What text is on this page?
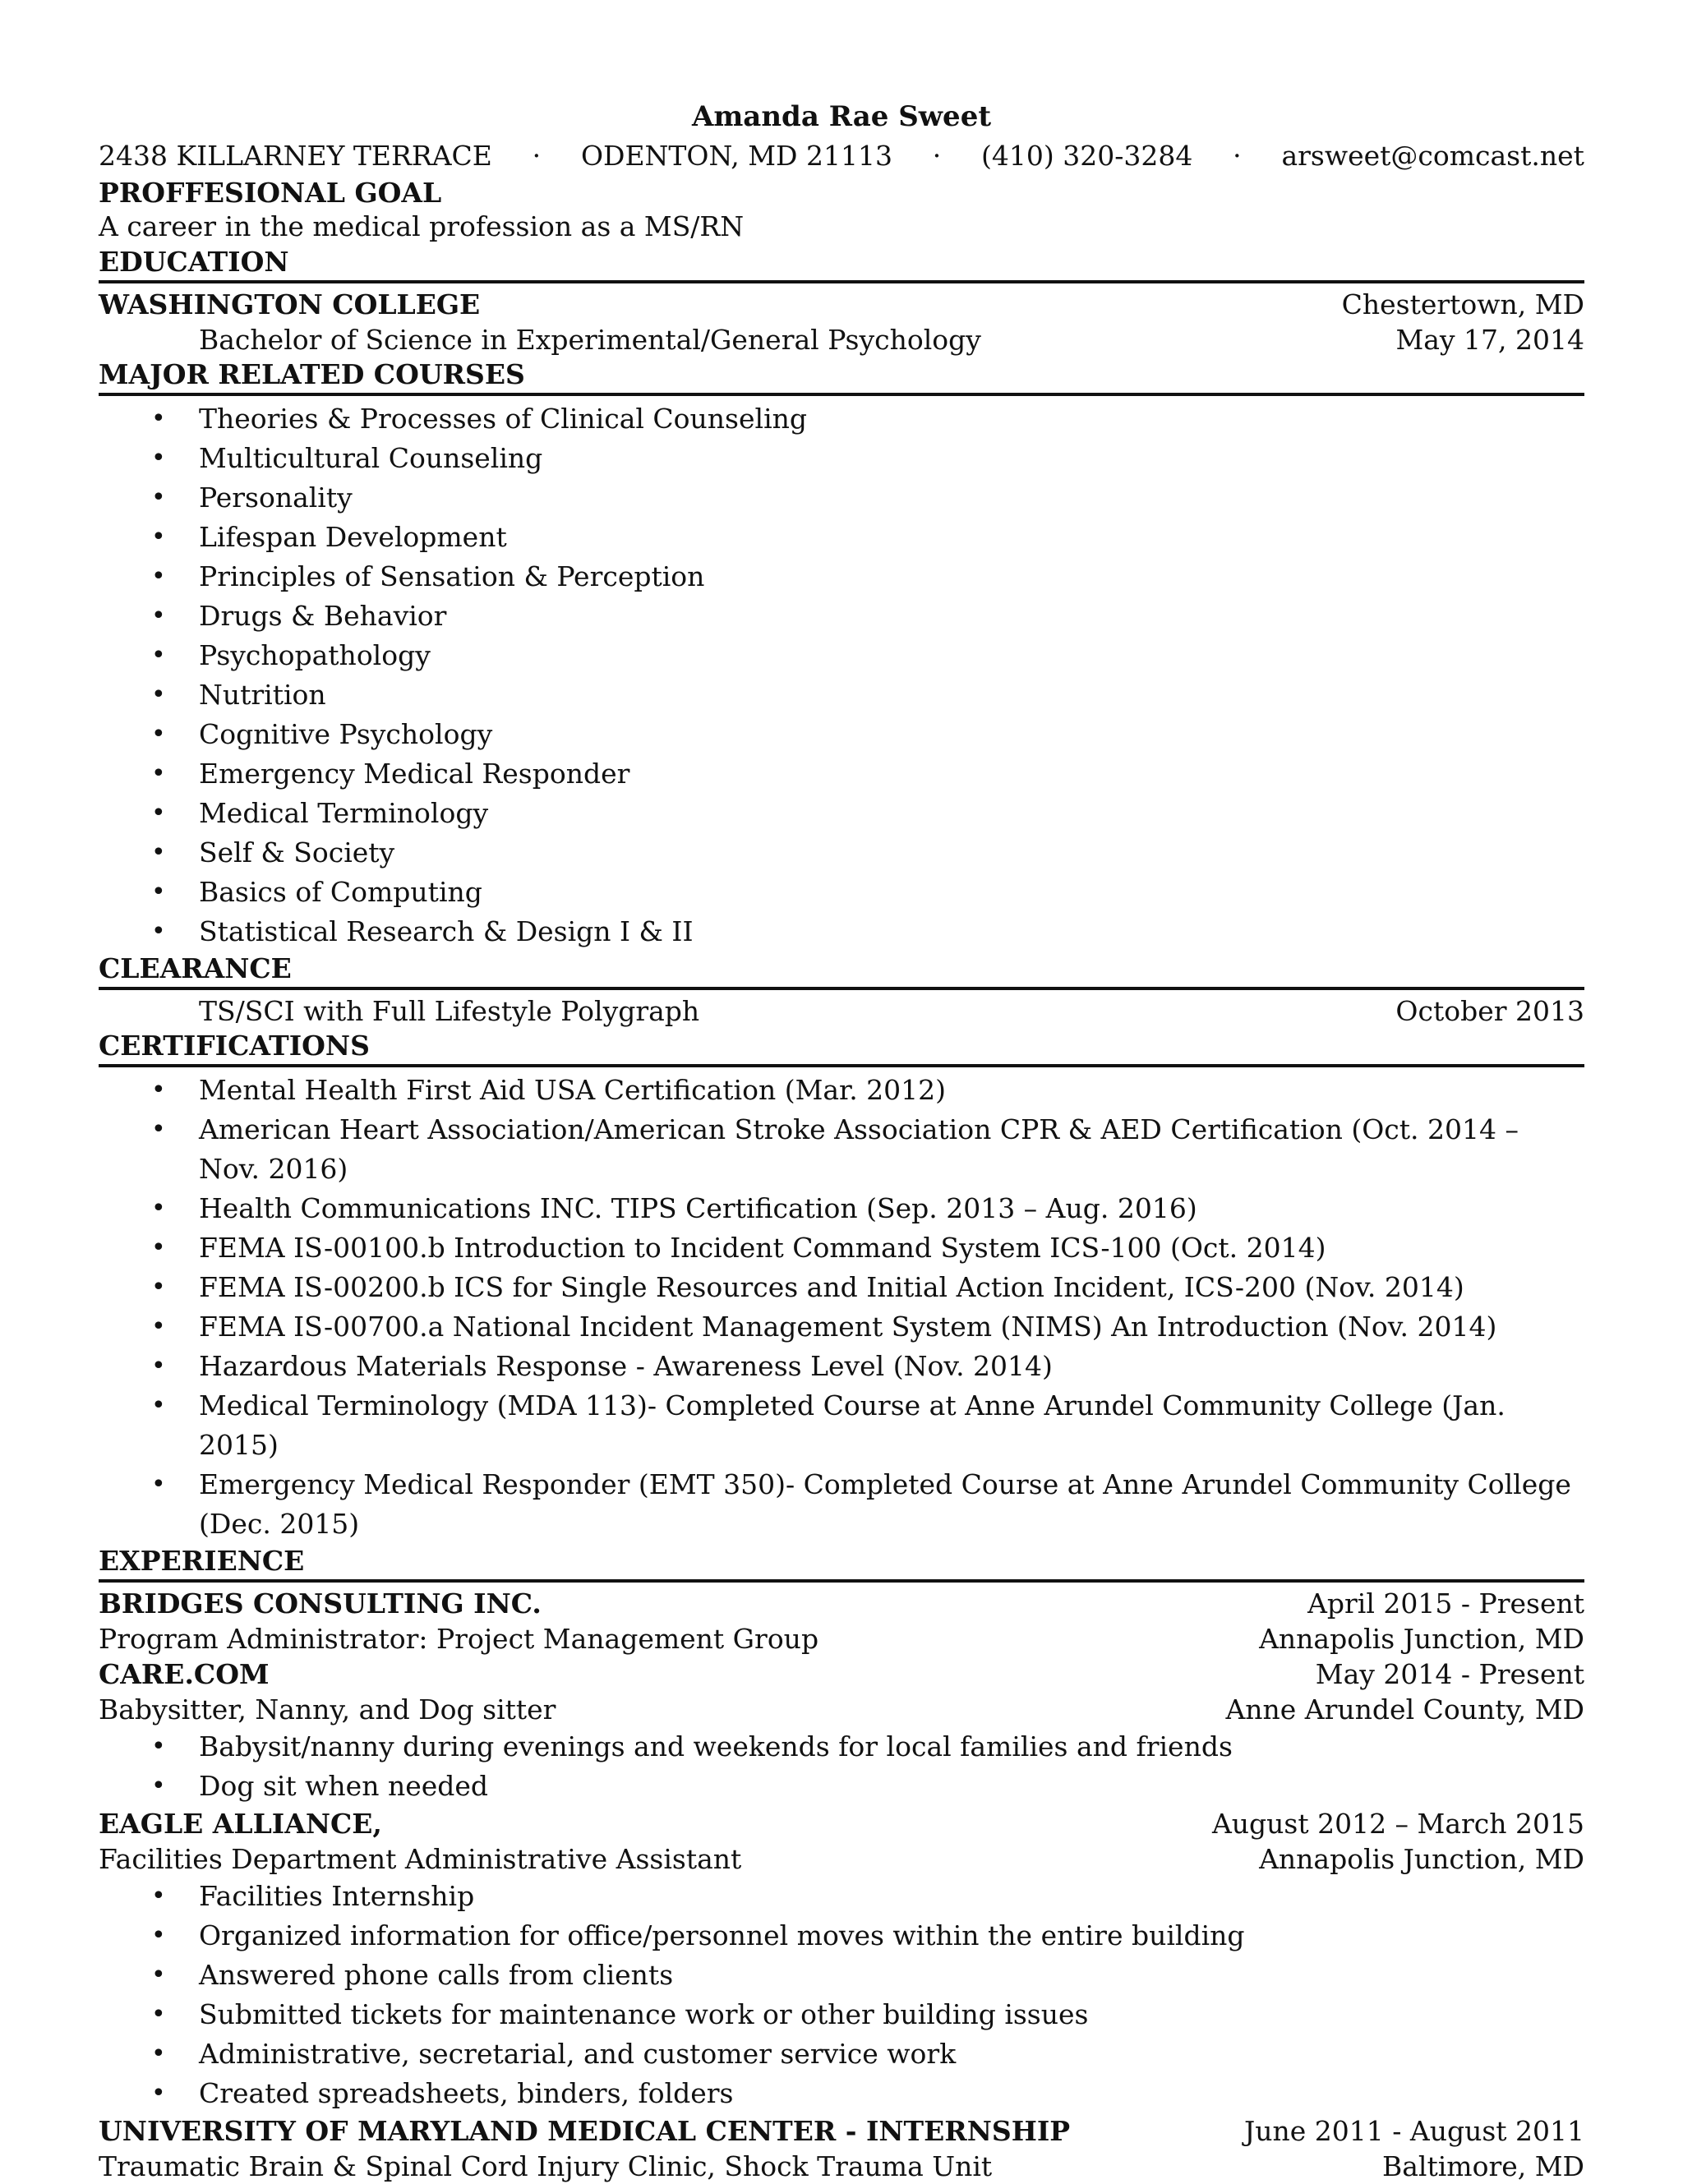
Amanda Rae Sweet
2438 KILLARNEY TERRACE · ODENTON, MD 21113 · (410) 320-3284 · arsweet@comcast.net
PROFFESIONAL GOAL
A career in the medical profession as a MS/RN
EDUCATION
WASHINGTON COLLEGE	Chestertown, MD
Bachelor of Science in Experimental/General Psychology	May 17, 2014
MAJOR RELATED COURSES
• Theories & Processes of Clinical Counseling
• Multicultural Counseling
• Personality
• Lifespan Development
• Principles of Sensation & Perception
• Drugs & Behavior
• Psychopathology
• Nutrition
• Cognitive Psychology
• Emergency Medical Responder
• Medical Terminology
• Self & Society
• Basics of Computing
• Statistical Research & Design I & II
CLEARANCE
TS/SCI with Full Lifestyle Polygraph	October 2013
CERTIFICATIONS
• Mental Health First Aid USA Certification (Mar. 2012)
• American Heart Association/American Stroke Association CPR & AED Certification (Oct. 2014 – Nov. 2016)
• Health Communications INC. TIPS Certification (Sep. 2013 – Aug. 2016)
• FEMA IS-00100.b Introduction to Incident Command System ICS-100 (Oct. 2014)
• FEMA IS-00200.b ICS for Single Resources and Initial Action Incident, ICS-200 (Nov. 2014)
• FEMA IS-00700.a National Incident Management System (NIMS) An Introduction (Nov. 2014)
• Hazardous Materials Response - Awareness Level (Nov. 2014)
• Medical Terminology (MDA 113)- Completed Course at Anne Arundel Community College (Jan. 2015)
• Emergency Medical Responder (EMT 350)- Completed Course at Anne Arundel Community College (Dec. 2015)
EXPERIENCE
BRIDGES CONSULTING INC.	April 2015 - Present
Program Administrator: Project Management Group	Annapolis Junction, MD
CARE.COM	May 2014 - Present
Babysitter, Nanny, and Dog sitter	Anne Arundel County, MD
• Babysit/nanny during evenings and weekends for local families and friends
• Dog sit when needed
EAGLE ALLIANCE,	August 2012 – March 2015
Facilities Department Administrative Assistant	Annapolis Junction, MD
• Facilities Internship
• Organized information for office/personnel moves within the entire building
• Answered phone calls from clients
• Submitted tickets for maintenance work or other building issues
• Administrative, secretarial, and customer service work
• Created spreadsheets, binders, folders
UNIVERSITY OF MARYLAND MEDICAL CENTER - INTERNSHIP	June 2011 - August 2011
Traumatic Brain & Spinal Cord Injury Clinic, Shock Trauma Unit	Baltimore, MD
